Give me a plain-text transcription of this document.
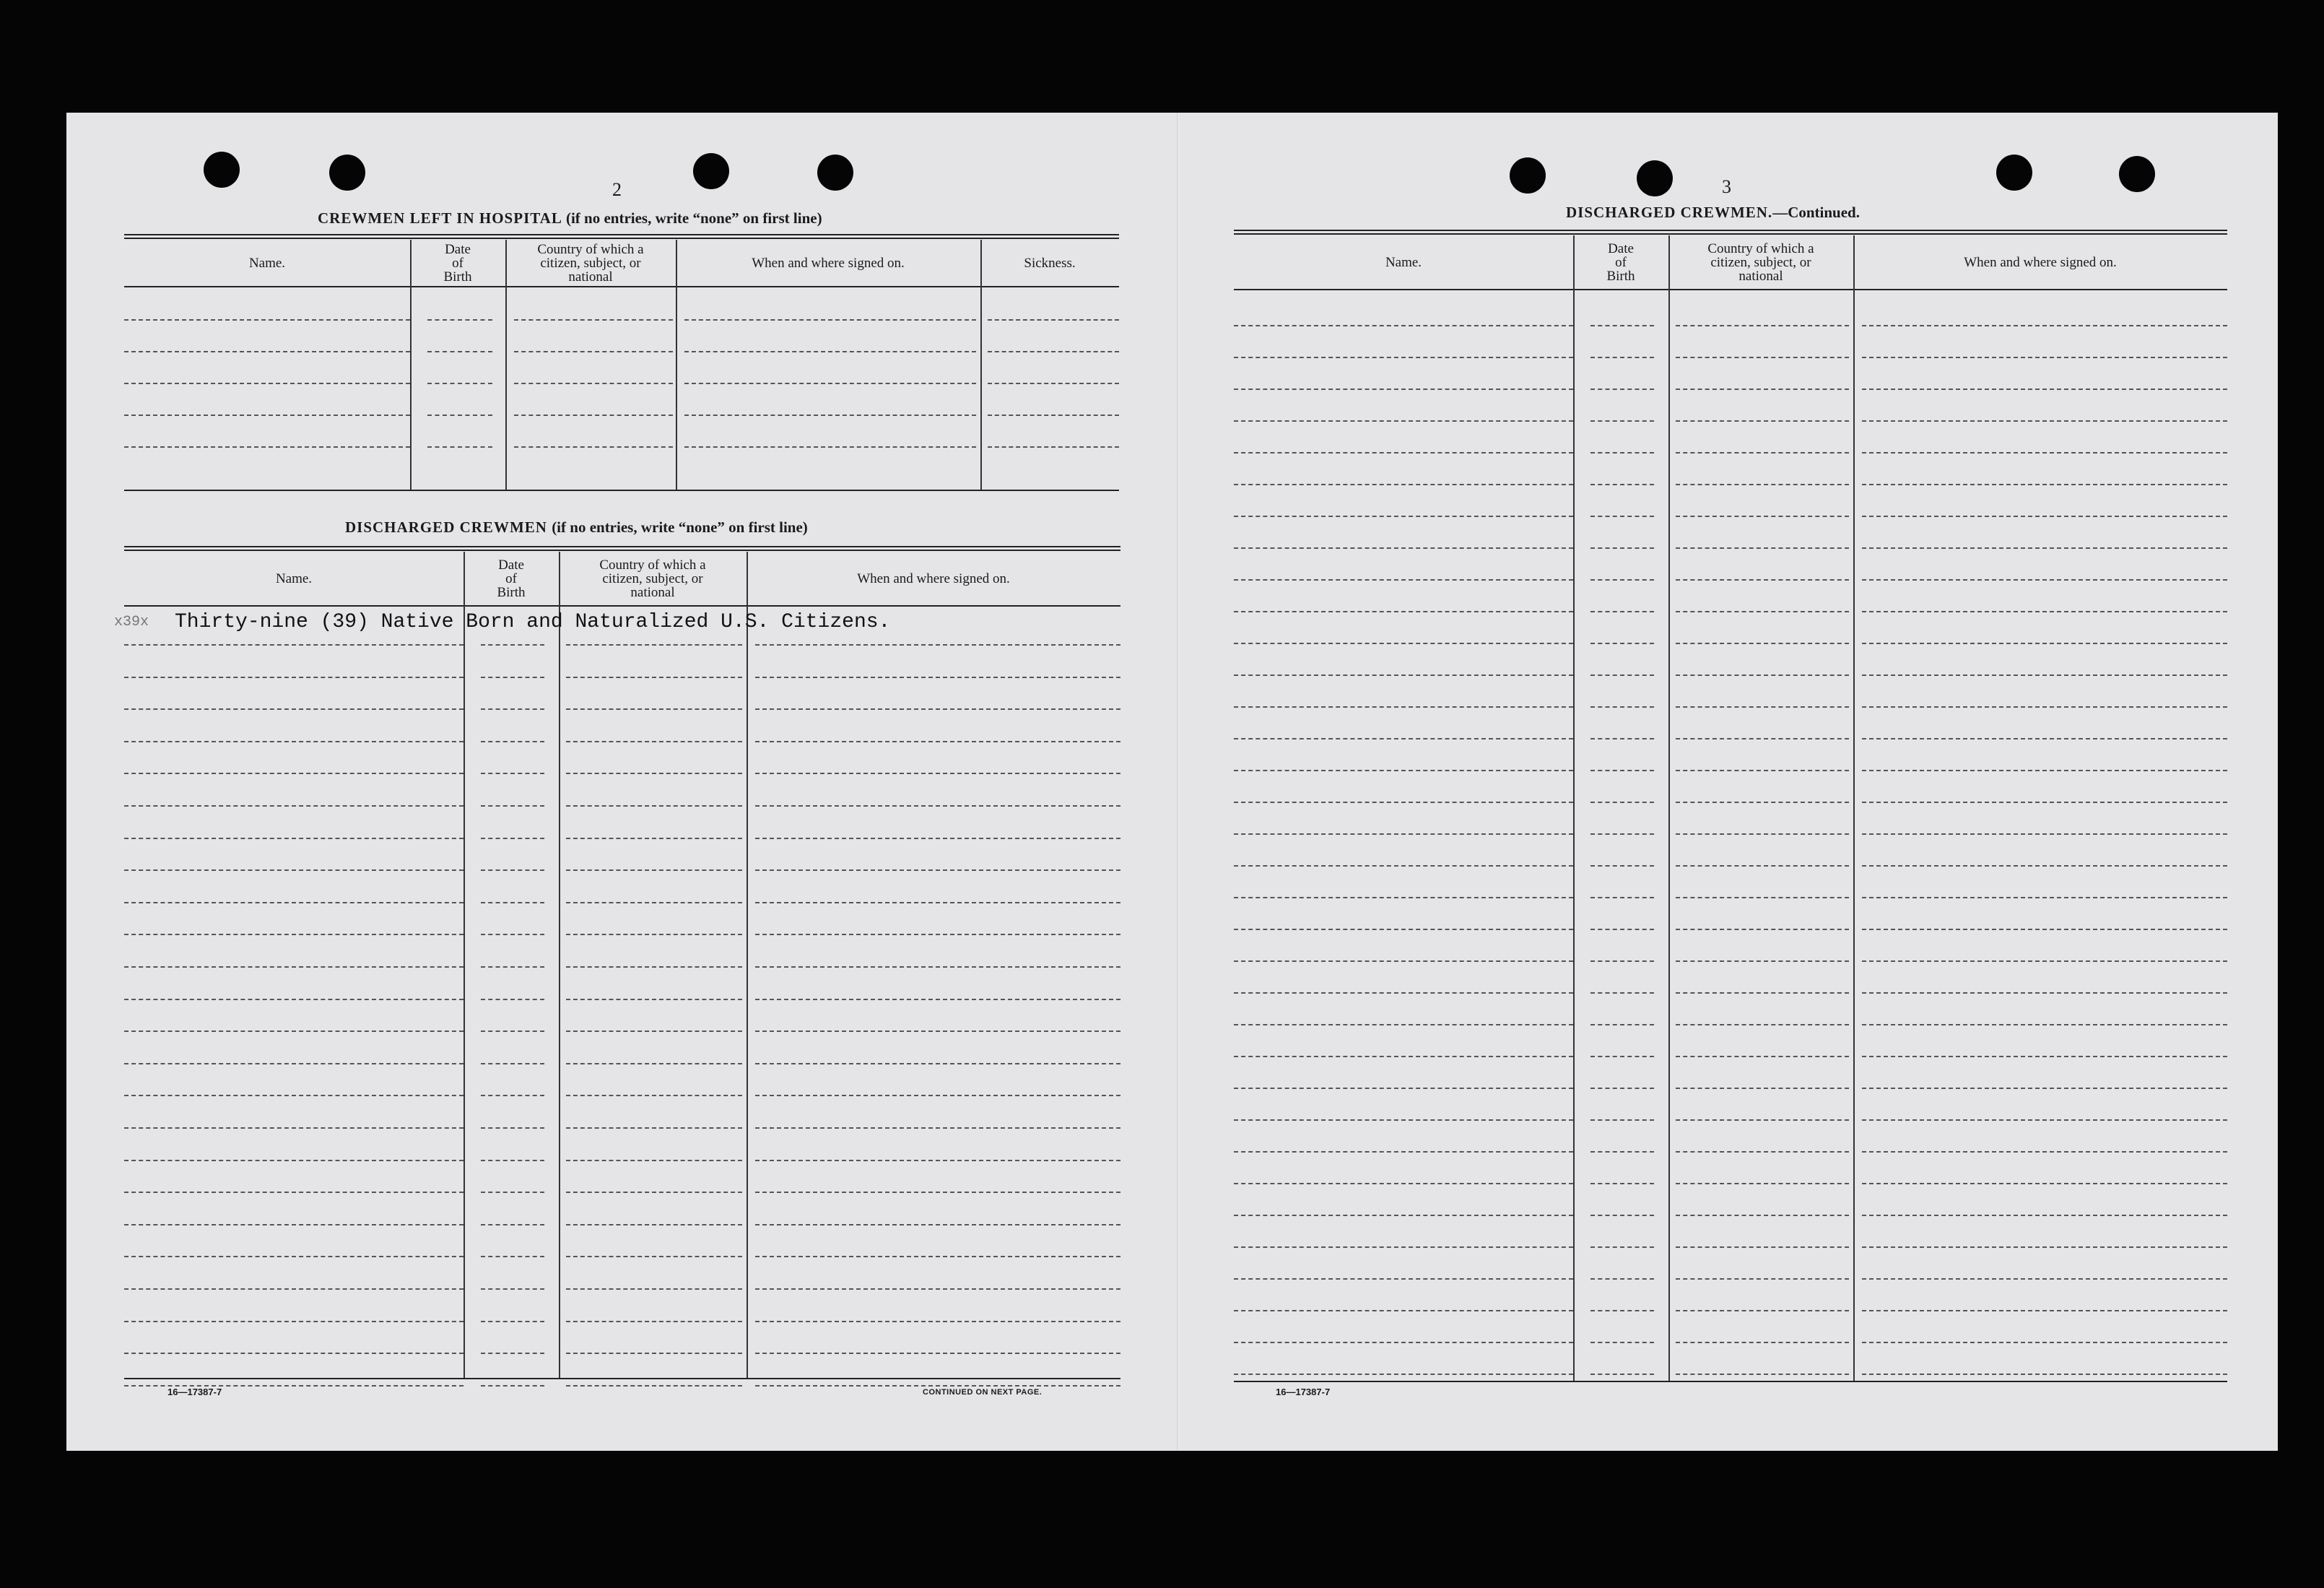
2
CREWMEN LEFT IN HOSPITAL (if no entries, write “none” on first line)
Name.
Date
of
Birth
Country of which a
citizen, subject, or
national
When and where signed on.	Sickness.
DISCHARGED CREWMEN (if no entries, write “none” on first line)
Name.
Date
of
Birth
Country of which a
citizen, subject, or
national
When and where signed on.
x39x Thirty-nine (39) Native Born and Naturalized U.S. Citizens.
16—17387-7	CONTINUED ON NEXT PAGE.
3
DISCHARGED CREWMEN.—Continued.
Name.
Date
of
Birth
Country of which a
citizen, subject, or
national
When and where signed on.
16—17387-7
